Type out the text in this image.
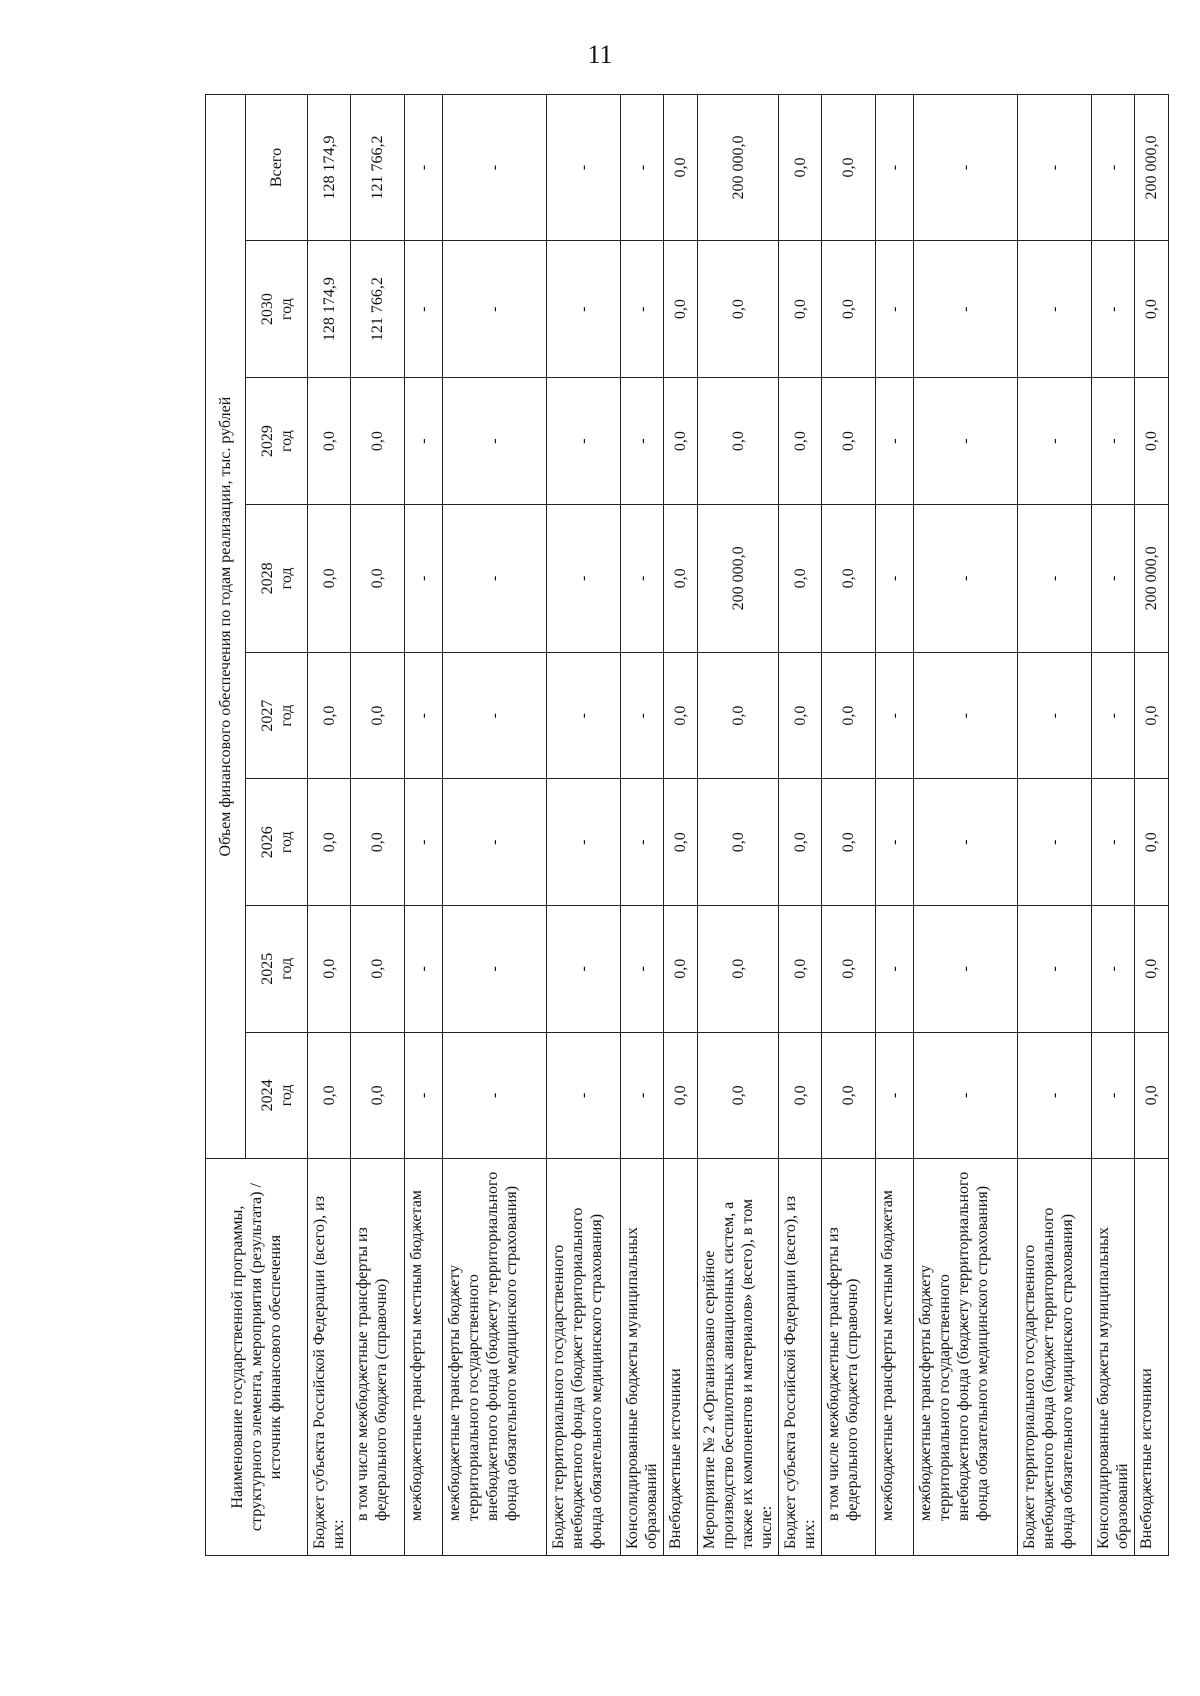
11
Наименование государственной программы, структурного элемента, мероприятия (результата) / источник финансового обеспечения	Объем финансового обеспечения по годам реализации, тыс. рублей							

	2024 год	2025 год	2026 год	2027 год	2028 год	2029 год	2030 год	Всего
Бюджет субъекта Российской Федерации (всего), из них:	0,0	0,0	0,0	0,0	0,0	0,0	128 174,9	128 174,9
в том числе межбюджетные трансферты из федерального бюджета (справочно)	0,0	0,0	0,0	0,0	0,0	0,0	121 766,2	121 766,2
межбюджетные трансферты местным бюджетам	-	-	-	-	-	-	-	-
межбюджетные трансферты бюджету территориального государственного внебюджетного фонда (бюджету территориального фонда обязательного медицинского страхования)	-	-	-	-	-	-	-	-
Бюджет территориального государственного внебюджетного фонда (бюджет территориального фонда обязательного медицинского страхования)	-	-	-	-	-	-	-	-
Консолидированные бюджеты муниципальных образований	-	-	-	-	-	-	-	-
Внебюджетные источники	0,0	0,0	0,0	0,0	0,0	0,0	0,0	0,0
Мероприятие № 2 «Организовано серийное производство беспилотных авиационных систем, а также их компонентов и материалов» (всего), в том числе:	0,0	0,0	0,0	0,0	200 000,0	0,0	0,0	200 000,0
Бюджет субъекта Российской Федерации (всего), из них:	0,0	0,0	0,0	0,0	0,0	0,0	0,0	0,0
в том числе межбюджетные трансферты из федерального бюджета (справочно)	0,0	0,0	0,0	0,0	0,0	0,0	0,0	0,0
межбюджетные трансферты местным бюджетам	-	-	-	-	-	-	-	-
межбюджетные трансферты бюджету территориального государственного внебюджетного фонда (бюджету территориального фонда обязательного медицинского страхования)	-	-	-	-	-	-	-	-
Бюджет территориального государственного внебюджетного фонда (бюджет территориального фонда обязательного медицинского страхования)	-	-	-	-	-	-	-	-
Консолидированные бюджеты муниципальных образований	-	-	-	-	-	-	-	-
Внебюджетные источники	0,0	0,0	0,0	0,0	200 000,0	0,0	0,0	200 000,0
